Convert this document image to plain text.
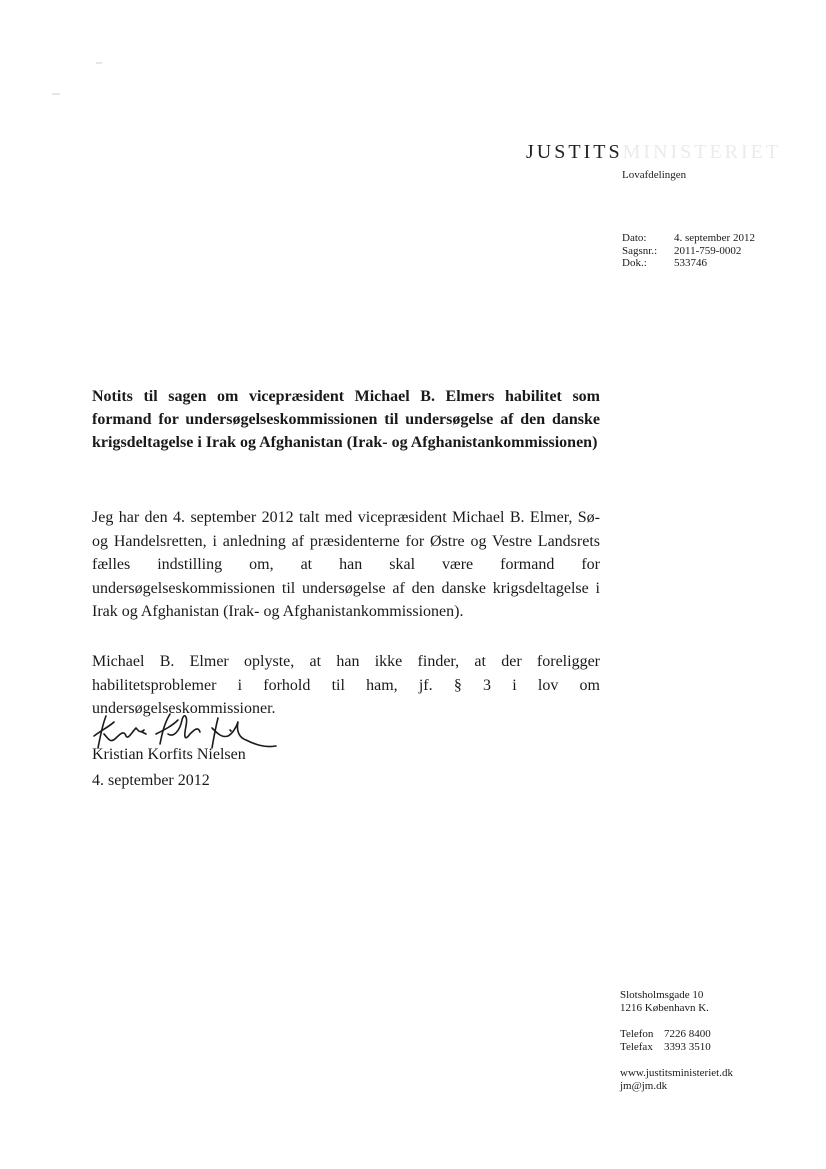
JUSTITSMINISTERIET
Lovafdelingen
Dato:	4. september 2012
Sagsnr.:	2011-759-0002
Dok.:	533746
Notits til sagen om vicepræsident Michael B. Elmers habilitet som formand for undersøgelseskommissionen til undersøgelse af den danske krigsdeltagelse i Irak og Afghanistan (Irak- og Afghanistankommissionen)
Jeg har den 4. september 2012 talt med vicepræsident Michael B. Elmer, Sø- og Handelsretten, i anledning af præsidenterne for Østre og Vestre Landsrets fælles indstilling om, at han skal være formand for undersøgelseskommissionen til undersøgelse af den danske krigsdeltagelse i Irak og Afghanistan (Irak- og Afghanistankommissionen).
Michael B. Elmer oplyste, at han ikke finder, at der foreligger habilitetsproblemer i forhold til ham, jf. § 3 i lov om undersøgelseskommissioner.
Kristian Korfits Nielsen
4. september 2012
Slotsholmsgade 10
1216 København K.
Telefon 7226 8400
Telefax	3393 3510
www.justitsministeriet.dk
jm@jm.dk
